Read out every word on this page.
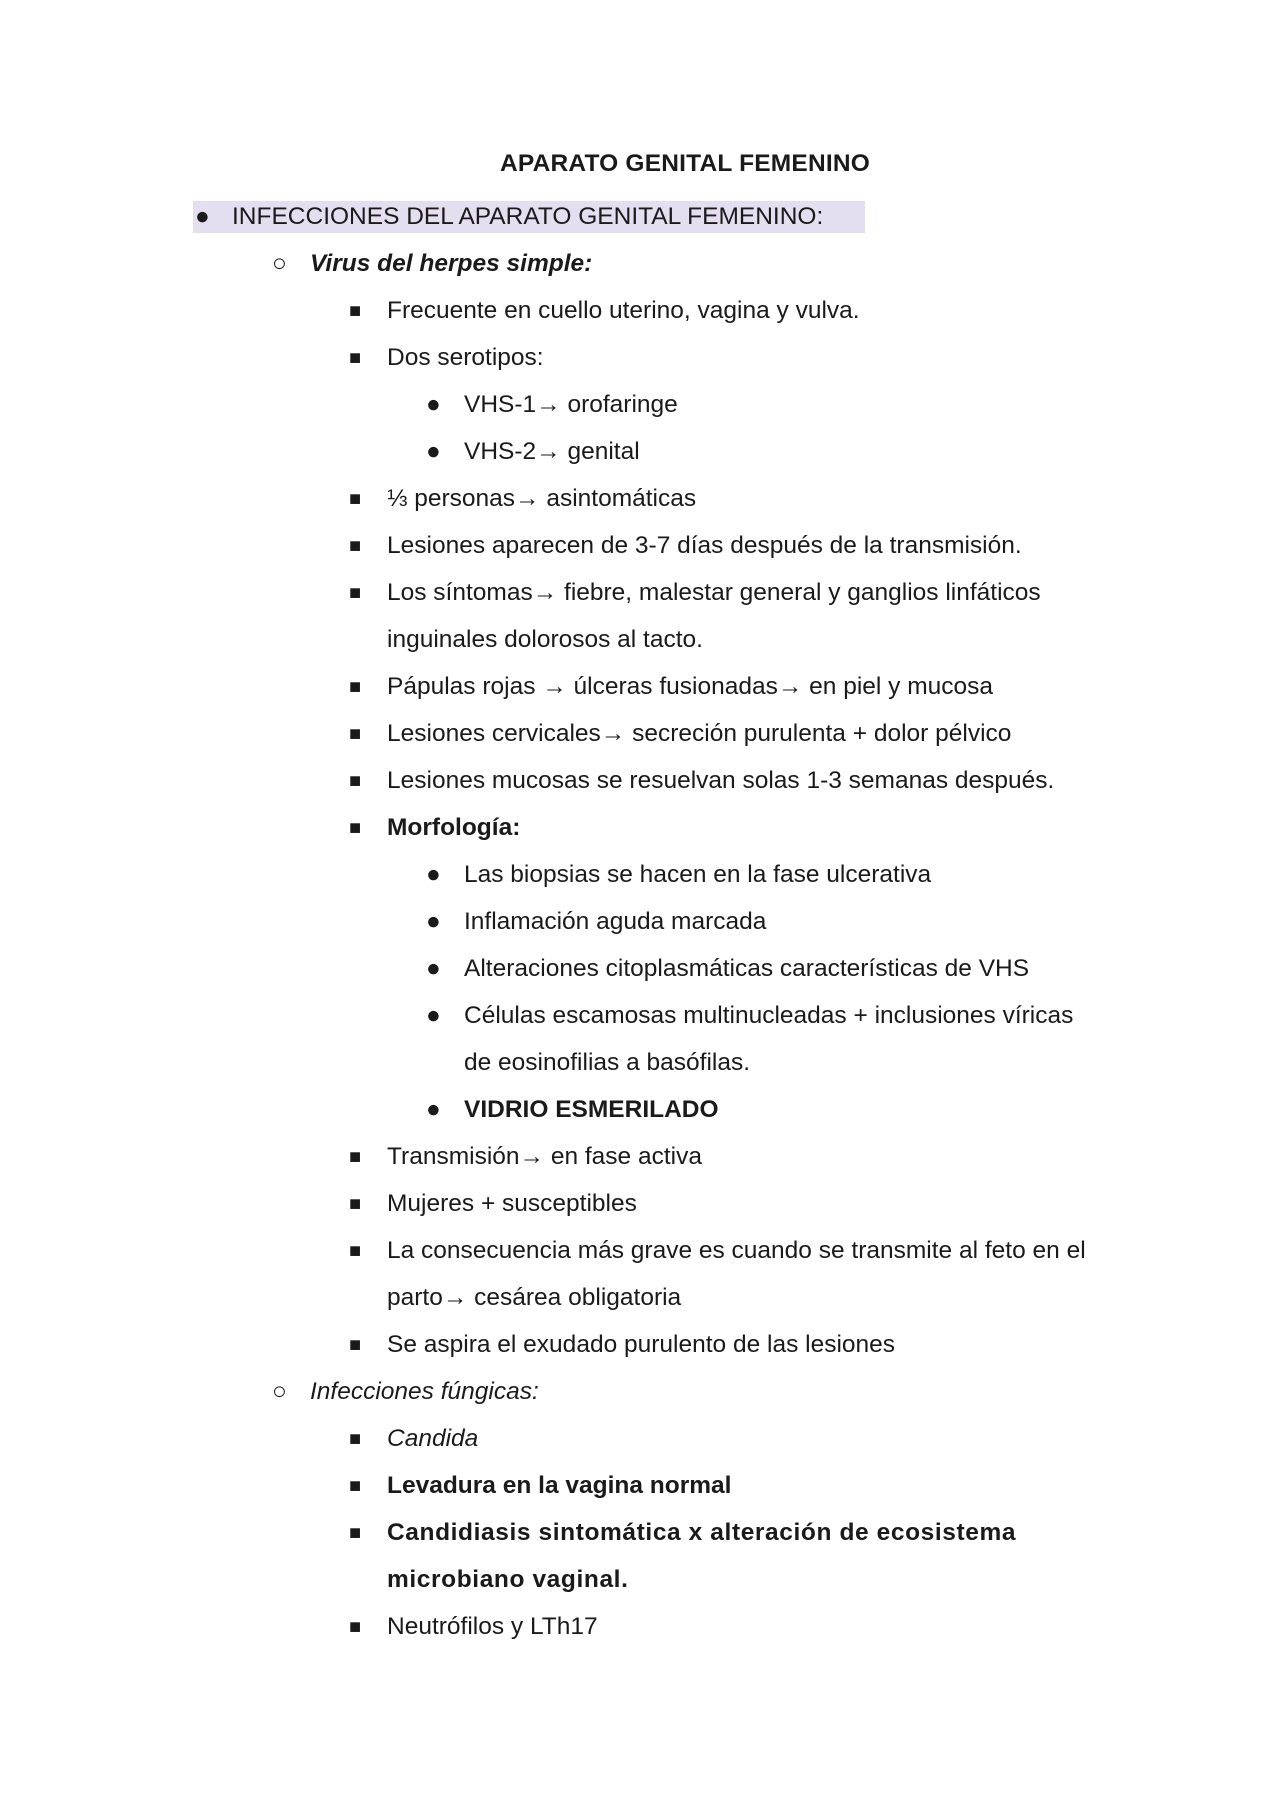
APARATO GENITAL FEMENINO
● INFECCIONES DEL APARATO GENITAL FEMENINO:
○ Virus del herpes simple:
■ Frecuente en cuello uterino, vagina y vulva.
■ Dos serotipos:
● VHS-1→ orofaringe
● VHS-2→ genital
■ ⅓ personas→ asintomáticas
■ Lesiones aparecen de 3-7 días después de la transmisión.
■ Los síntomas→ fiebre, malestar general y ganglios linfáticos
inguinales dolorosos al tacto.
■ Pápulas rojas → úlceras fusionadas→ en piel y mucosa
■ Lesiones cervicales→ secreción purulenta + dolor pélvico
■ Lesiones mucosas se resuelvan solas 1-3 semanas después.
■ Morfología:
● Las biopsias se hacen en la fase ulcerativa
● Inflamación aguda marcada
● Alteraciones citoplasmáticas características de VHS
● Células escamosas multinucleadas + inclusiones víricas
de eosinofilias a basófilas.
● VIDRIO ESMERILADO
■ Transmisión→ en fase activa
■ Mujeres + susceptibles
■ La consecuencia más grave es cuando se transmite al feto en el
parto→ cesárea obligatoria
■ Se aspira el exudado purulento de las lesiones
○ Infecciones fúngicas:
■ Candida
■ Levadura en la vagina normal
■ Candidiasis sintomática x alteración de ecosistema
microbiano vaginal.
■ Neutrófilos y LTh17
